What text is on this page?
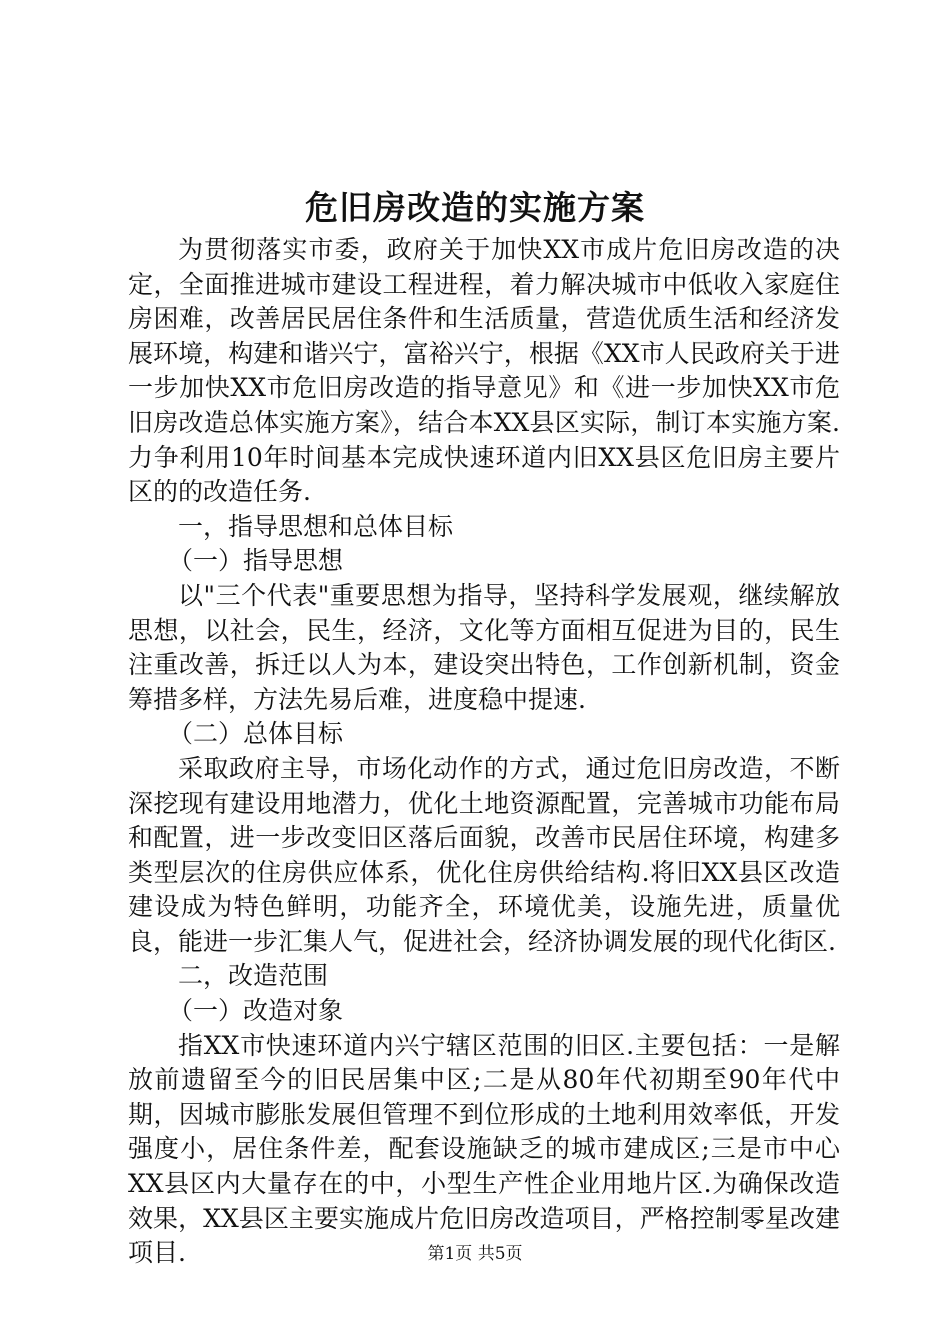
危旧房改造的实施方案

为贯彻落实市委，政府关于加快XX市成片危旧房改造的决定，全面推进城市建设工程进程，着力解决城市中低收入家庭住房困难，改善居民居住条件和生活质量，营造优质生活和经济发展环境，构建和谐兴宁，富裕兴宁，根据《XX市人民政府关于进一步加快XX市危旧房改造的指导意见》和《进一步加快XX市危旧房改造总体实施方案》，结合本XX县区实际，制订本实施方案.力争利用10年时间基本完成快速环道内旧XX县区危旧房主要片区的的改造任务.

一，指导思想和总体目标

（一）指导思想

以"三个代表"重要思想为指导，坚持科学发展观，继续解放思想，以社会，民生，经济，文化等方面相互促进为目的，民生注重改善，拆迁以人为本，建设突出特色，工作创新机制，资金筹措多样，方法先易后难，进度稳中提速.

（二）总体目标

采取政府主导，市场化动作的方式，通过危旧房改造，不断深挖现有建设用地潜力，优化土地资源配置，完善城市功能布局和配置，进一步改变旧区落后面貌，改善市民居住环境，构建多类型层次的住房供应体系，优化住房供给结构.将旧XX县区改造建设成为特色鲜明，功能齐全，环境优美，设施先进，质量优良，能进一步汇集人气，促进社会，经济协调发展的现代化街区.

二，改造范围

（一）改造对象

指XX市快速环道内兴宁辖区范围的旧区.主要包括：一是解放前遗留至今的旧民居集中区;二是从80年代初期至90年代中期，因城市膨胀发展但管理不到位形成的土地利用效率低，开发强度小，居住条件差，配套设施缺乏的城市建成区;三是市中心XX县区内大量存在的中，小型生产性企业用地片区.为确保改造效果，XX县区主要实施成片危旧房改造项目，严格控制零星改建项目.	第1页 共5页
